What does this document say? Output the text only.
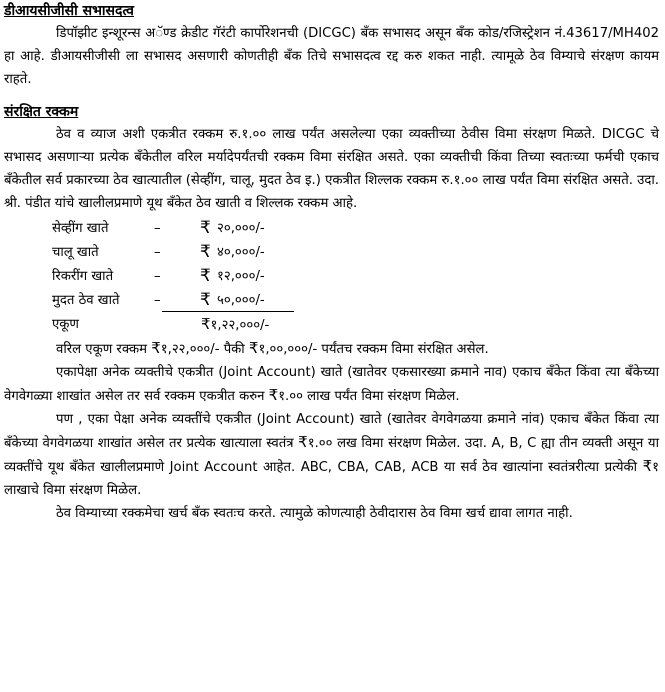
डीआयसीजीसी सभासदत्व
डिपॉझीट इन्शूरन्स अॅण्ड क्रेडीट गॅरंटी कार्पोरेशनची (DICGC) बॅंक सभासद असून बॅंक कोड/रजिस्ट्रेशन नं.43617/MH402 हा आहे. डीआयसीजीसी ला सभासद असणारी कोणतीही बॅंक तिचे सभासदत्व रद्द करु शकत नाही. त्यामूळे ठेव विम्याचे संरक्षण कायम राहते.
संरक्षित रक्कम
ठेव व व्याज अशी एकत्रीत रक्कम रु.१.०० लाख पर्यंत असलेल्या एका व्यक्तीच्या ठेवीस विमा संरक्षण मिळते. DICGC चे सभासद असणाऱ्या प्रत्येक बॅंकेतील वरिल मर्यादेपर्यंतची रक्कम विमा संरक्षित असते. एका व्यक्तीची किंवा तिच्या स्वतःच्या फर्मची एकाच बॅंकेतील सर्व प्रकारच्या ठेव खात्यातील (सेव्हींग, चालू, मुदत ठेव इ.) एकत्रीत शिल्लक रक्कम रु.१.०० लाख पर्यंत विमा संरक्षित असते. उदा. श्री. पंडीत यांचे खालीलप्रमाणे यूथ बॅंकेत ठेव खाती व शिल्लक रक्कम आहे.
सेव्हींग खाते	– ₹ २०,०००/-
चालू खाते	– ₹ ४०,०००/-
रिकरींग खाते	– ₹ १२,०००/-
मुदत ठेव खाते	– ₹ ५०,०००/-
एकूण	₹१,२२,०००/-
वरिल एकूण रक्कम ₹१,२२,०००/- पैकी ₹१,००,०००/- पर्यंतच रक्कम विमा संरक्षित असेल.
एकापेक्षा अनेक व्यक्तीचे एकत्रीत (Joint Account) खाते (खातेवर एकसारख्या क्रमाने नाव) एकाच बॅंकेत किंवा त्या बॅंकेच्या वेगवेगळ्या शाखांत असेल तर सर्व रक्कम एकत्रीत करुन ₹१.०० लाख पर्यंत विमा संरक्षण मिळेल.
पण , एका पेक्षा अनेक व्यक्तींचे एकत्रीत (Joint Account) खाते (खातेवर वेगवेगळया क्रमाने नांव) एकाच बॅंकेत किंवा त्या बॅंकेच्या वेगवेगळया शाखांत असेल तर प्रत्येक खात्याला स्वतंत्र ₹१.०० लख विमा संरक्षण मिळेल. उदा. A, B, C ह्या तीन व्यक्ती असून या व्यक्तींचे यूथ बॅंकेत खालीलप्रमाणे Joint Account आहेत. ABC, CBA, CAB, ACB या सर्व ठेव खात्यांना स्वतंत्ररीत्या प्रत्येकी ₹१ लाखाचे विमा संरक्षण मिळेल.
ठेव विम्याच्या रक्कमेचा खर्च बॅंक स्वतःच करते. त्यामुळे कोणत्याही ठेवीदारास ठेव विमा खर्च द्यावा लागत नाही.
